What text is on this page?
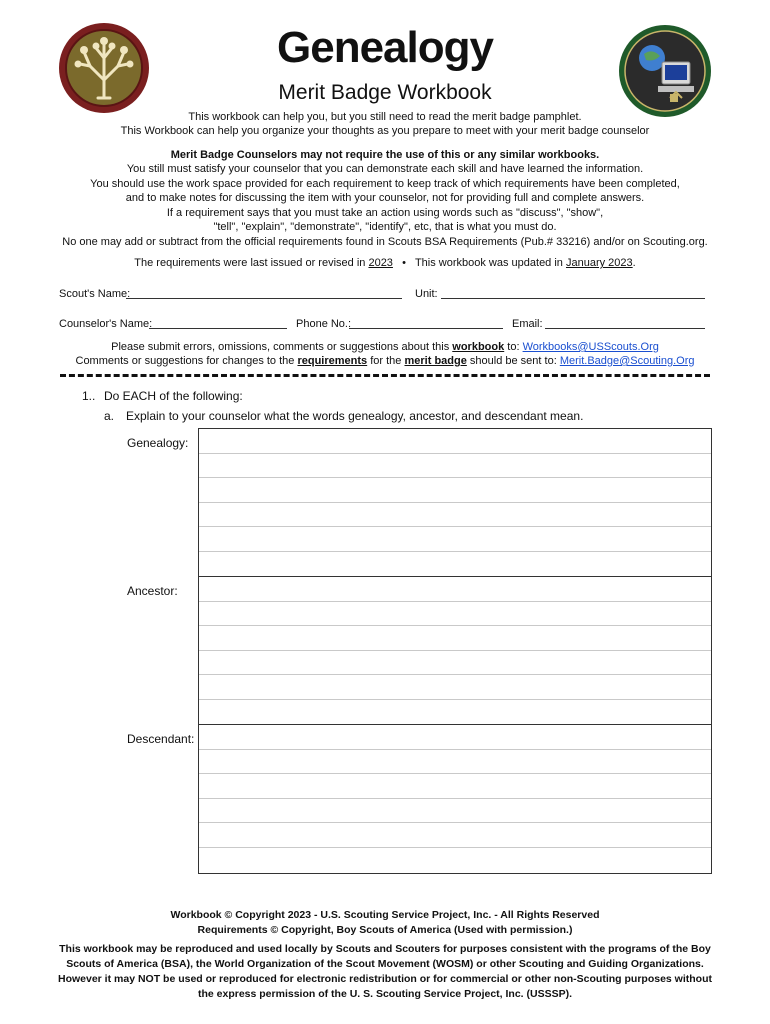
Genealogy
Merit Badge Workbook
This workbook can help you, but you still need to read the merit badge pamphlet.
This Workbook can help you organize your thoughts as you prepare to meet with your merit badge counselor
Merit Badge Counselors may not require the use of this or any similar workbooks.
You still must satisfy your counselor that you can demonstrate each skill and have learned the information.
You should use the work space provided for each requirement to keep track of which requirements have been completed,
and to make notes for discussing the item with your counselor, not for providing full and complete answers.
If a requirement says that you must take an action using words such as "discuss", "show",
"tell", "explain", "demonstrate", "identify", etc, that is what you must do.
No one may add or subtract from the official requirements found in Scouts BSA Requirements (Pub.# 33216) and/or on Scouting.org.
The requirements were last issued or revised in 2023 • This workbook was updated in January 2023.
Scout's Name:	Unit:
Counselor's Name:	Phone No.:	Email:
Please submit errors, omissions, comments or suggestions about this workbook to: Workbooks@USScouts.Org
Comments or suggestions for changes to the requirements for the merit badge should be sent to: Merit.Badge@Scouting.Org
1.. Do EACH of the following:
a. Explain to your counselor what the words genealogy, ancestor, and descendant mean.
Genealogy:
Ancestor:
Descendant:
Workbook © Copyright 2023 - U.S. Scouting Service Project, Inc. - All Rights Reserved
Requirements © Copyright, Boy Scouts of America (Used with permission.)
This workbook may be reproduced and used locally by Scouts and Scouters for purposes consistent with the programs of the Boy
Scouts of America (BSA), the World Organization of the Scout Movement (WOSM) or other Scouting and Guiding Organizations.
However it may NOT be used or reproduced for electronic redistribution or for commercial or other non-Scouting purposes without
the express permission of the U. S. Scouting Service Project, Inc. (USSSP).
